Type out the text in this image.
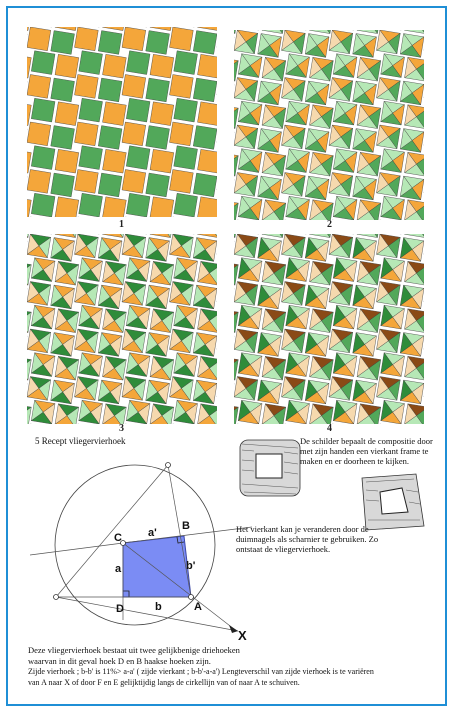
1	2
3	4
5 Recept vliegervierhoek
C
B
A
D
X
a
a'
b
b'
De schilder bepaalt de compositie door met zijn handen een vierkant frame te maken en er doorheen te kijken.
Het vierkant kan je veranderen door de duimnagels als scharnier te gebruiken. Zo ontstaat de vliegervierhoek.
Deze vliegervierhoek bestaat uit twee gelijkbenige driehoeken
waarvan in dit geval hoek D en B haakse hoeken zijn.
Zijde vierhoek ; b-b' is 11%> a-a' ( zijde vierkant ; b-b'-a-a') Lengteverschil van zijde vierhoek is te variëren
van A naar X of door F en E gelijktijdig langs de cirkellijn van of naar A te schuiven.
